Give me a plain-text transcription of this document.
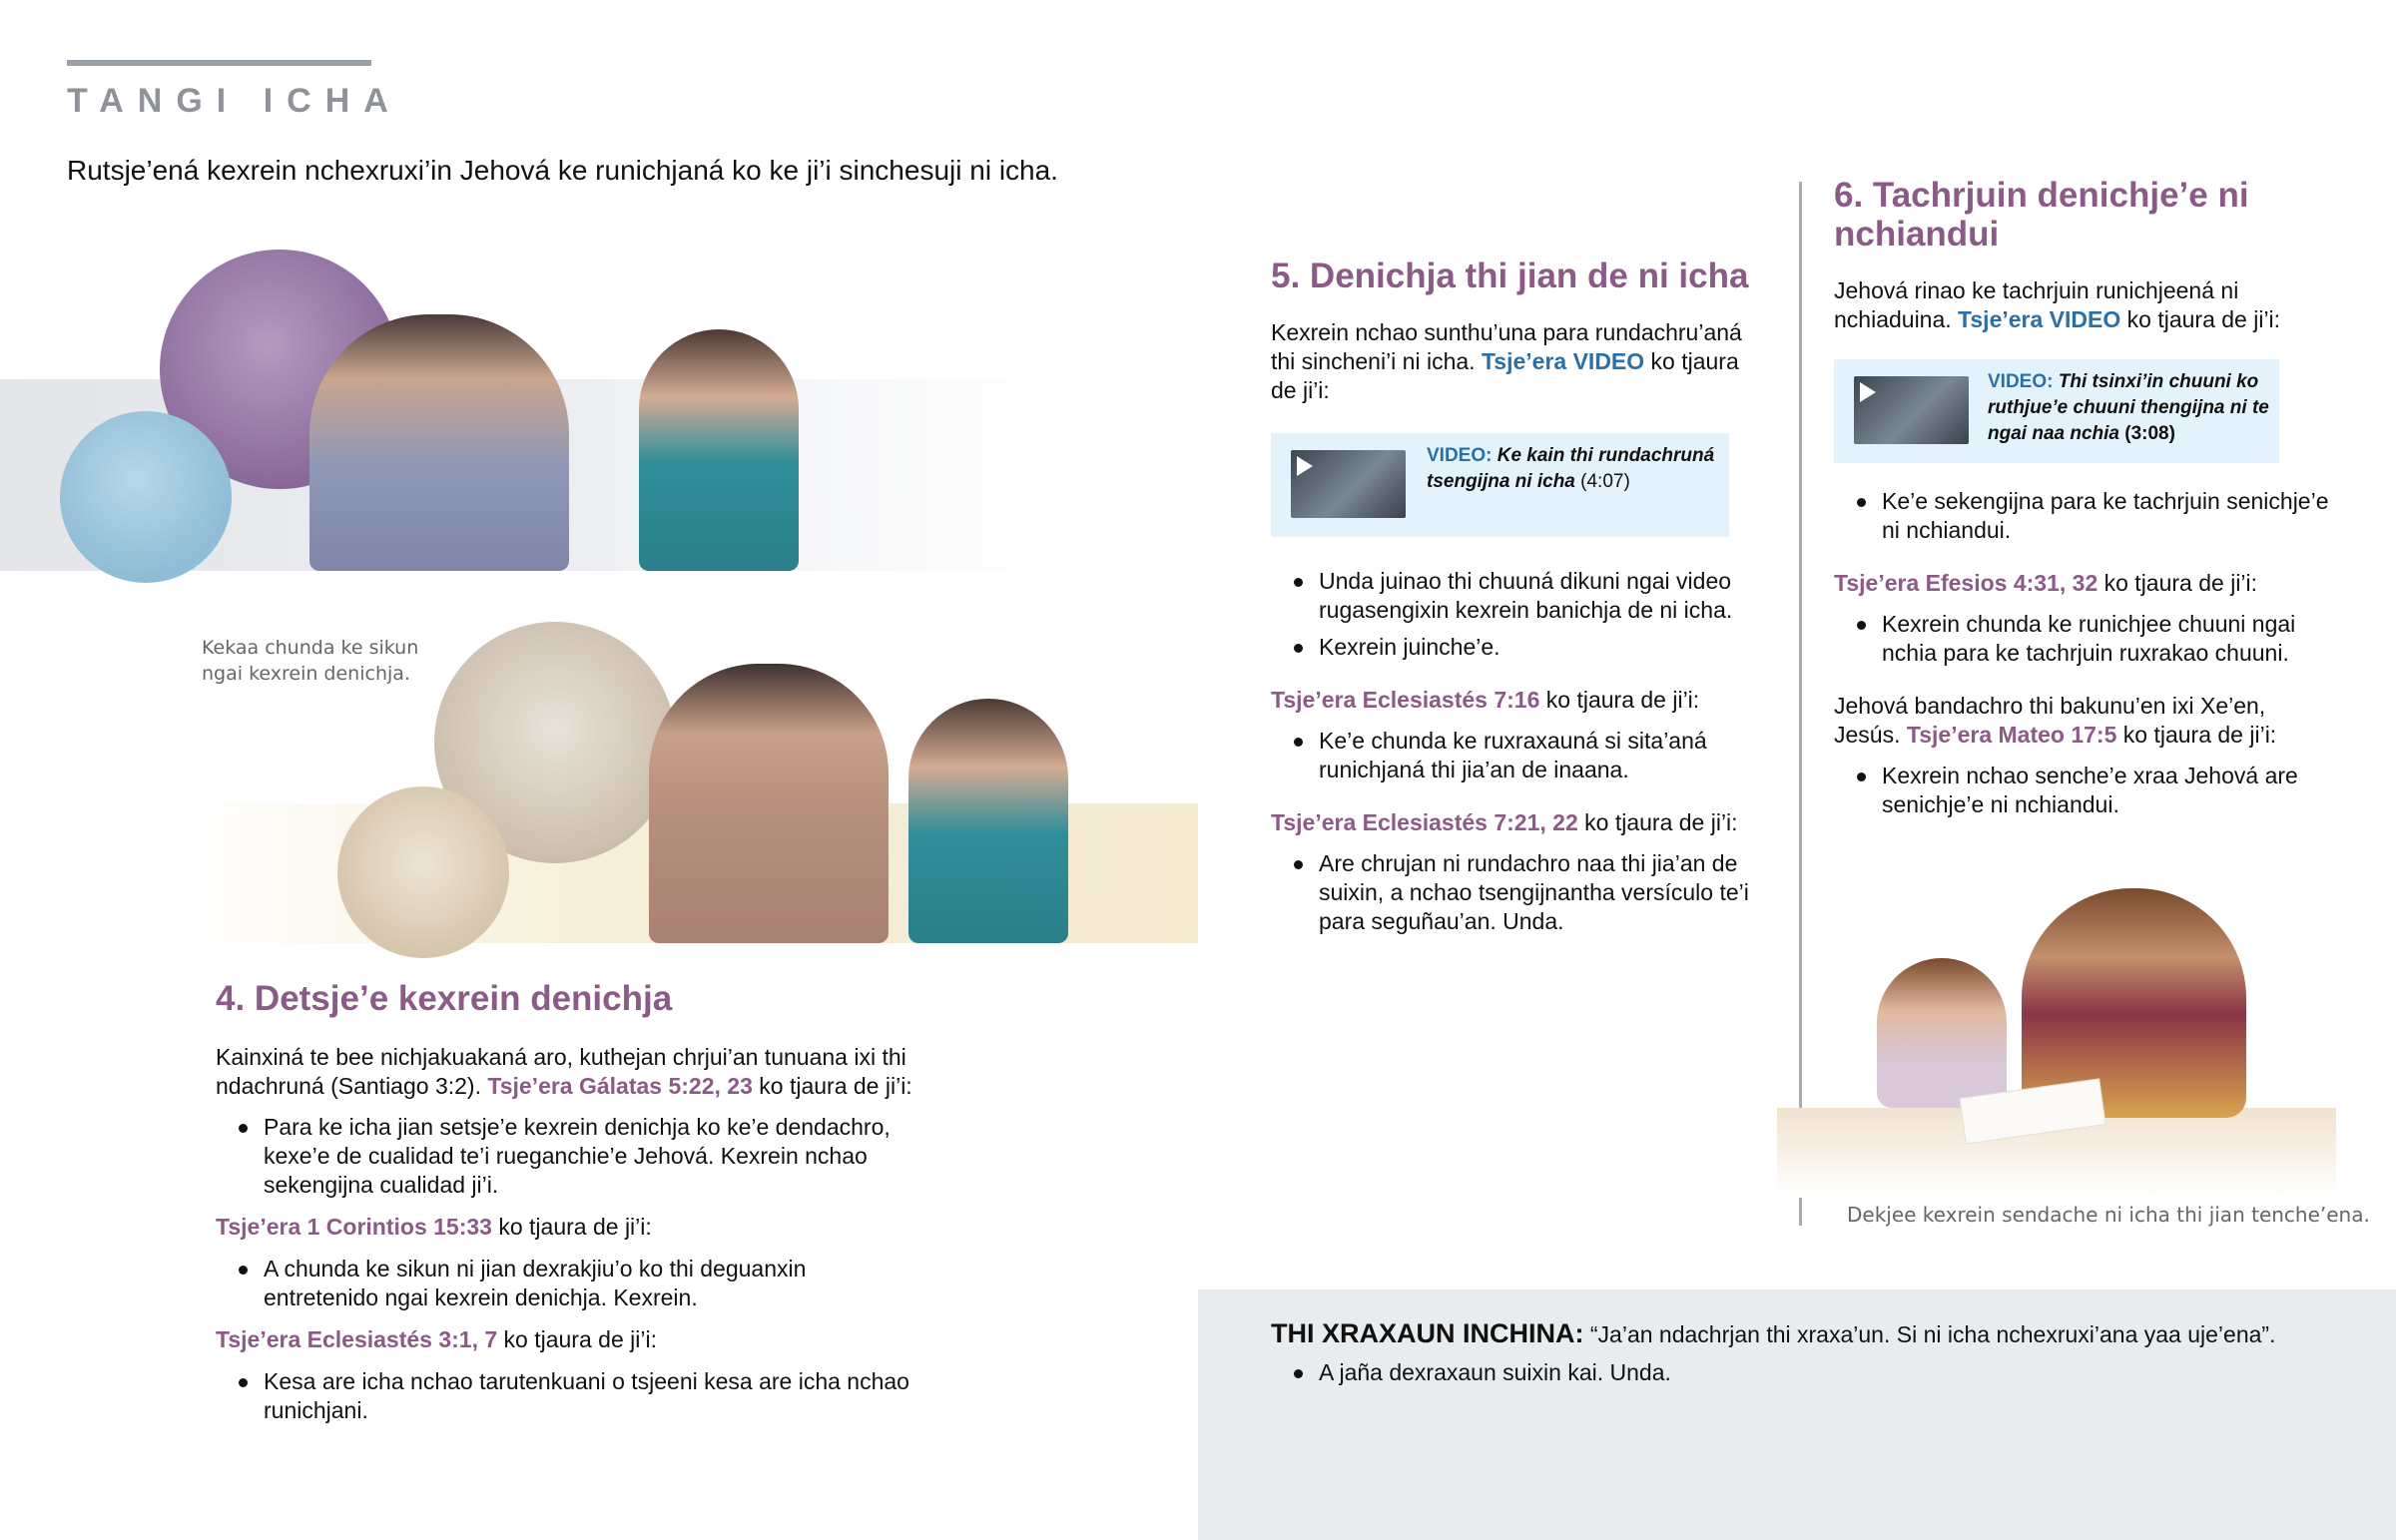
TANGI ICHA
Rutsje’ená kexrein nchexruxi’in Jehová ke runichjaná ko ke ji’i sinchesuji ni icha.
Kekaa chunda ke sikun ngai kexrein denichja.
4. Detsje’e kexrein denichja
Kainxiná te bee nichjakuakaná aro, kuthejan chrjui’an tunuana ixi thi ndachruná (Santiago 3:2). Tsje’era Gálatas 5:22, 23 ko tjaura de ji’i:
Para ke icha jian setsje’e kexrein denichja ko ke’e dendachro, kexe’e de cualidad te’i rueganchie’e Jehová. Kexrein nchao sekengijna cualidad ji’i.
Tsje’era 1 Corintios 15:33 ko tjaura de ji’i:
A chunda ke sikun ni jian dexrakjiu’o ko thi deguanxin entretenido ngai kexrein denichja. Kexrein.
Tsje’era Eclesiastés 3:1, 7 ko tjaura de ji’i:
Kesa are icha nchao tarutenkuani o tsjeeni kesa are icha nchao runichjani.
5. Denichja thi jian de ni icha
Kexrein nchao sunthu’una para rundachru’aná thi sincheni’i ni icha. Tsje’era VIDEO ko tjaura de ji’i:
VIDEO: Ke kain thi rundachruná tsengijna ni icha (4:07)
Unda juinao thi chuuná dikuni ngai video rugasengixin kexrein banichja de ni icha.
Kexrein juinche’e.
Tsje’era Eclesiastés 7:16 ko tjaura de ji’i:
Ke’e chunda ke ruxraxauná si sita’aná runichjaná thi jia’an de inaana.
Tsje’era Eclesiastés 7:21, 22 ko tjaura de ji’i:
Are chrujan ni rundachro naa thi jia’an de suixin, a nchao tsengijnantha versículo te’i para seguñau’an. Unda.
6. Tachrjuin denichje’e ni nchiandui
Jehová rinao ke tachrjuin runichjeená ni nchiaduina. Tsje’era VIDEO ko tjaura de ji’i:
VIDEO: Thi tsinxi’in chuuni ko ruthjue’e chuuni thengijna ni te ngai naa nchia (3:08)
Ke’e sekengijna para ke tachrjuin senichje’e ni nchiandui.
Tsje’era Efesios 4:31, 32 ko tjaura de ji’i:
Kexrein chunda ke runichjee chuuni ngai nchia para ke tachrjuin ruxrakao chuuni.
Jehová bandachro thi bakunu’en ixi Xe’en, Jesús. Tsje’era Mateo 17:5 ko tjaura de ji’i:
Kexrein nchao senche’e xraa Jehová are senichje’e ni nchiandui.
Dekjee kexrein sendache ni icha thi jian tenche’ena.
THI XRAXAUN INCHINA: “Ja’an ndachrjan thi xraxa’un. Si ni icha nchexruxi’ana yaa uje’ena”.
A jaña dexraxaun suixin kai. Unda.
